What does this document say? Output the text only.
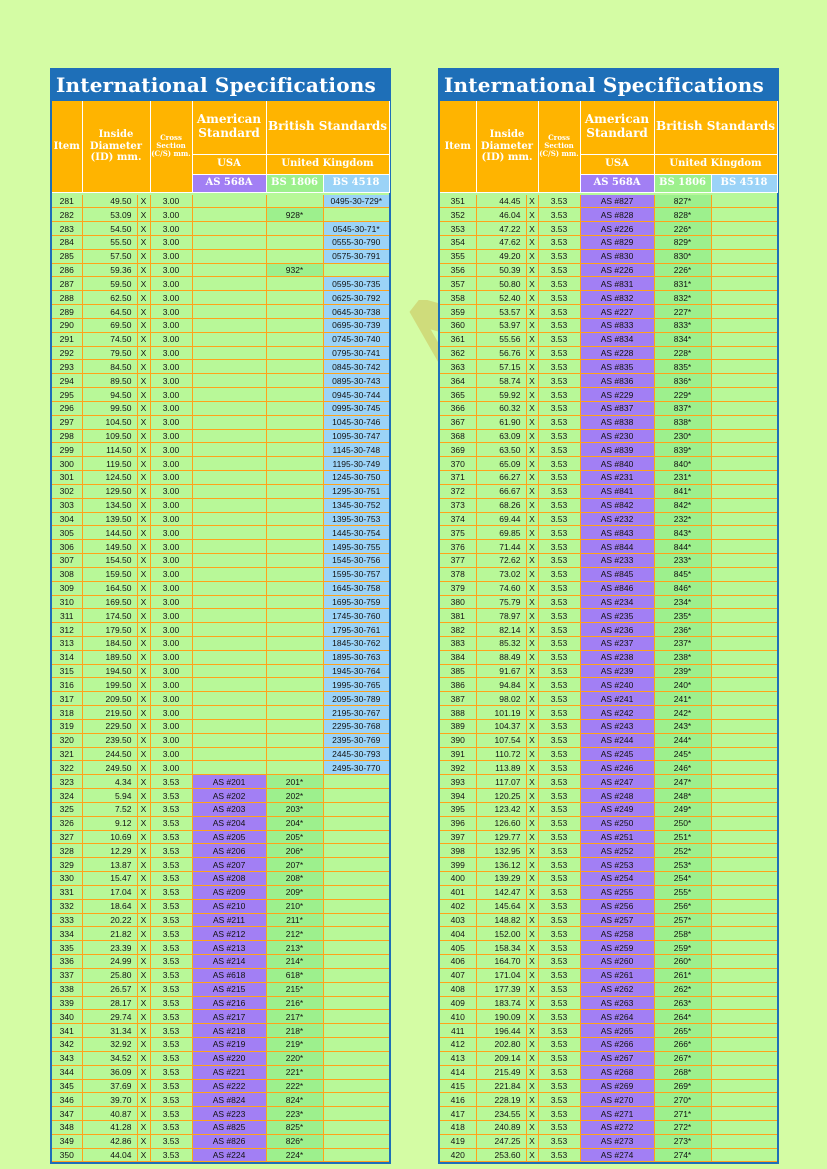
International Specifications
Item	Inside Diameter (ID) mm.		Cross Section (C/S) mm.	American Standard	British Standards	
				USA	United Kingdom	
				AS 568A	BS 1806	BS 4518

281	49.50	X	3.00			0495-30-729*
282	53.09	X	3.00		928*	
283	54.50	X	3.00			0545-30-71*
284	55.50	X	3.00			0555-30-790
285	57.50	X	3.00			0575-30-791
286	59.36	X	3.00		932*	
287	59.50	X	3.00			0595-30-735
288	62.50	X	3.00			0625-30-792
289	64.50	X	3.00			0645-30-738
290	69.50	X	3.00			0695-30-739
291	74.50	X	3.00			0745-30-740
292	79.50	X	3.00			0795-30-741
293	84.50	X	3.00			0845-30-742
294	89.50	X	3.00			0895-30-743
295	94.50	X	3.00			0945-30-744
296	99.50	X	3.00			0995-30-745
297	104.50	X	3.00			1045-30-746
298	109.50	X	3.00			1095-30-747
299	114.50	X	3.00			1145-30-748
300	119.50	X	3.00			1195-30-749
301	124.50	X	3.00			1245-30-750
302	129.50	X	3.00			1295-30-751
303	134.50	X	3.00			1345-30-752
304	139.50	X	3.00			1395-30-753
305	144.50	X	3.00			1445-30-754
306	149.50	X	3.00			1495-30-755
307	154.50	X	3.00			1545-30-756
308	159.50	X	3.00			1595-30-757
309	164.50	X	3.00			1645-30-758
310	169.50	X	3.00			1695-30-759
311	174.50	X	3.00			1745-30-760
312	179.50	X	3.00			1795-30-761
313	184.50	X	3.00			1845-30-762
314	189.50	X	3.00			1895-30-763
315	194.50	X	3.00			1945-30-764
316	199.50	X	3.00			1995-30-765
317	209.50	X	3.00			2095-30-789
318	219.50	X	3.00			2195-30-767
319	229.50	X	3.00			2295-30-768
320	239.50	X	3.00			2395-30-769
321	244.50	X	3.00			2445-30-793
322	249.50	X	3.00			2495-30-770
323	4.34	X	3.53	AS #201	201*	
324	5.94	X	3.53	AS #202	202*	
325	7.52	X	3.53	AS #203	203*	
326	9.12	X	3.53	AS #204	204*	
327	10.69	X	3.53	AS #205	205*	
328	12.29	X	3.53	AS #206	206*	
329	13.87	X	3.53	AS #207	207*	
330	15.47	X	3.53	AS #208	208*	
331	17.04	X	3.53	AS #209	209*	
332	18.64	X	3.53	AS #210	210*	
333	20.22	X	3.53	AS #211	211*	
334	21.82	X	3.53	AS #212	212*	
335	23.39	X	3.53	AS #213	213*	
336	24.99	X	3.53	AS #214	214*	
337	25.80	X	3.53	AS #618	618*	
338	26.57	X	3.53	AS #215	215*	
339	28.17	X	3.53	AS #216	216*	
340	29.74	X	3.53	AS #217	217*	
341	31.34	X	3.53	AS #218	218*	
342	32.92	X	3.53	AS #219	219*	
343	34.52	X	3.53	AS #220	220*	
344	36.09	X	3.53	AS #221	221*	
345	37.69	X	3.53	AS #222	222*	
346	39.70	X	3.53	AS #824	824*	
347	40.87	X	3.53	AS #223	223*	
348	41.28	X	3.53	AS #825	825*	
349	42.86	X	3.53	AS #826	826*	
350	44.04	X	3.53	AS #224	224*	
International Specifications
Item	Inside Diameter (ID) mm.		Cross Section (C/S) mm.	American Standard	British Standards	
				USA	United Kingdom	
				AS 568A	BS 1806	BS 4518

351	44.45	X	3.53	AS #827	827*	
352	46.04	X	3.53	AS #828	828*	
353	47.22	X	3.53	AS #226	226*	
354	47.62	X	3.53	AS #829	829*	
355	49.20	X	3.53	AS #830	830*	
356	50.39	X	3.53	AS #226	226*	
357	50.80	X	3.53	AS #831	831*	
358	52.40	X	3.53	AS #832	832*	
359	53.57	X	3.53	AS #227	227*	
360	53.97	X	3.53	AS #833	833*	
361	55.56	X	3.53	AS #834	834*	
362	56.76	X	3.53	AS #228	228*	
363	57.15	X	3.53	AS #835	835*	
364	58.74	X	3.53	AS #836	836*	
365	59.92	X	3.53	AS #229	229*	
366	60.32	X	3.53	AS #837	837*	
367	61.90	X	3.53	AS #838	838*	
368	63.09	X	3.53	AS #230	230*	
369	63.50	X	3.53	AS #839	839*	
370	65.09	X	3.53	AS #840	840*	
371	66.27	X	3.53	AS #231	231*	
372	66.67	X	3.53	AS #841	841*	
373	68.26	X	3.53	AS #842	842*	
374	69.44	X	3.53	AS #232	232*	
375	69.85	X	3.53	AS #843	843*	
376	71.44	X	3.53	AS #844	844*	
377	72.62	X	3.53	AS #233	233*	
378	73.02	X	3.53	AS #845	845*	
379	74.60	X	3.53	AS #846	846*	
380	75.79	X	3.53	AS #234	234*	
381	78.97	X	3.53	AS #235	235*	
382	82.14	X	3.53	AS #236	236*	
383	85.32	X	3.53	AS #237	237*	
384	88.49	X	3.53	AS #238	238*	
385	91.67	X	3.53	AS #239	239*	
386	94.84	X	3.53	AS #240	240*	
387	98.02	X	3.53	AS #241	241*	
388	101.19	X	3.53	AS #242	242*	
389	104.37	X	3.53	AS #243	243*	
390	107.54	X	3.53	AS #244	244*	
391	110.72	X	3.53	AS #245	245*	
392	113.89	X	3.53	AS #246	246*	
393	117.07	X	3.53	AS #247	247*	
394	120.25	X	3.53	AS #248	248*	
395	123.42	X	3.53	AS #249	249*	
396	126.60	X	3.53	AS #250	250*	
397	129.77	X	3.53	AS #251	251*	
398	132.95	X	3.53	AS #252	252*	
399	136.12	X	3.53	AS #253	253*	
400	139.29	X	3.53	AS #254	254*	
401	142.47	X	3.53	AS #255	255*	
402	145.64	X	3.53	AS #256	256*	
403	148.82	X	3.53	AS #257	257*	
404	152.00	X	3.53	AS #258	258*	
405	158.34	X	3.53	AS #259	259*	
406	164.70	X	3.53	AS #260	260*	
407	171.04	X	3.53	AS #261	261*	
408	177.39	X	3.53	AS #262	262*	
409	183.74	X	3.53	AS #263	263*	
410	190.09	X	3.53	AS #264	264*	
411	196.44	X	3.53	AS #265	265*	
412	202.80	X	3.53	AS #266	266*	
413	209.14	X	3.53	AS #267	267*	
414	215.49	X	3.53	AS #268	268*	
415	221.84	X	3.53	AS #269	269*	
416	228.19	X	3.53	AS #270	270*	
417	234.55	X	3.53	AS #271	271*	
418	240.89	X	3.53	AS #272	272*	
419	247.25	X	3.53	AS #273	273*	
420	253.60	X	3.53	AS #274	274*	
